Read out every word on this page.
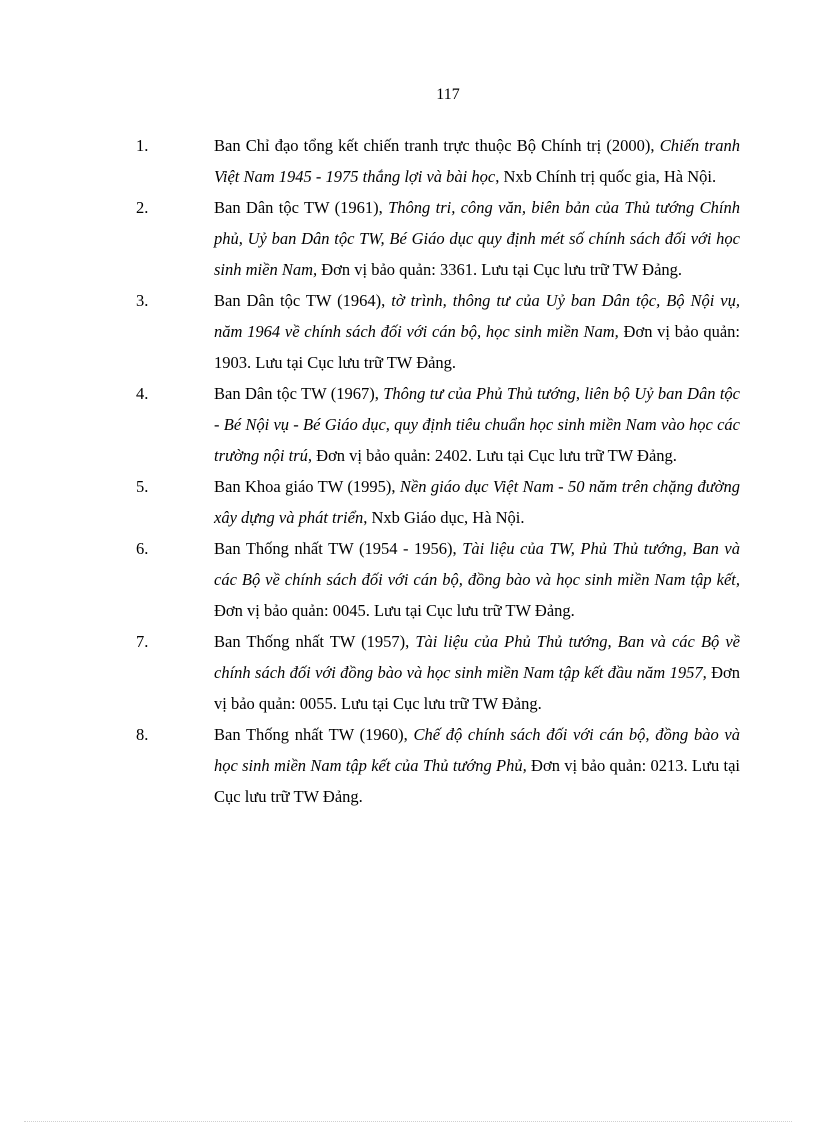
117
1.	Ban Chỉ đạo tổng kết chiến tranh trực thuộc Bộ Chính trị (2000), Chiến tranh Việt Nam 1945 - 1975 thắng lợi và bài học, Nxb Chính trị quốc gia, Hà Nội.
2.	Ban Dân tộc TW (1961), Thông tri, công văn, biên bản của Thủ tướng Chính phủ, Uỷ ban Dân tộc TW, Bé Giáo dục quy định mét số chính sách đối với học sinh miền Nam, Đơn vị bảo quản: 3361. Lưu tại Cục lưu trữ TW Đảng.
3.	Ban Dân tộc TW (1964), tờ trình, thông tư của Uỷ ban Dân tộc, Bộ Nội vụ, năm 1964 về chính sách đối với cán bộ, học sinh miền Nam, Đơn vị bảo quản: 1903. Lưu tại Cục lưu trữ TW Đảng.
4.	Ban Dân tộc TW (1967), Thông tư của Phủ Thủ tướng, liên bộ Uỷ ban Dân tộc - Bé Nội vụ - Bé Giáo dục, quy định tiêu chuẩn học sinh miền Nam vào học các trường nội trú, Đơn vị bảo quản: 2402. Lưu tại Cục lưu trữ TW Đảng.
5.	Ban Khoa giáo TW (1995), Nền giáo dục Việt Nam - 50 năm trên chặng đường xây dựng và phát triển, Nxb Giáo dục, Hà Nội.
6.	Ban Thống nhất TW (1954 - 1956), Tài liệu của TW, Phủ Thủ tướng, Ban và các Bộ về chính sách đối với cán bộ, đồng bào và học sinh miền Nam tập kết, Đơn vị bảo quản: 0045. Lưu tại Cục lưu trữ TW Đảng.
7.	Ban Thống nhất TW (1957), Tài liệu của Phủ Thủ tướng, Ban và các Bộ về chính sách đối với đồng bào và học sinh miền Nam tập kết đầu năm 1957, Đơn vị bảo quản: 0055. Lưu tại Cục lưu trữ TW Đảng.
8.	Ban Thống nhất TW (1960), Chế độ chính sách đối với cán bộ, đồng bào và học sinh miền Nam tập kết của Thủ tướng Phủ, Đơn vị bảo quản: 0213. Lưu tại Cục lưu trữ TW Đảng.
